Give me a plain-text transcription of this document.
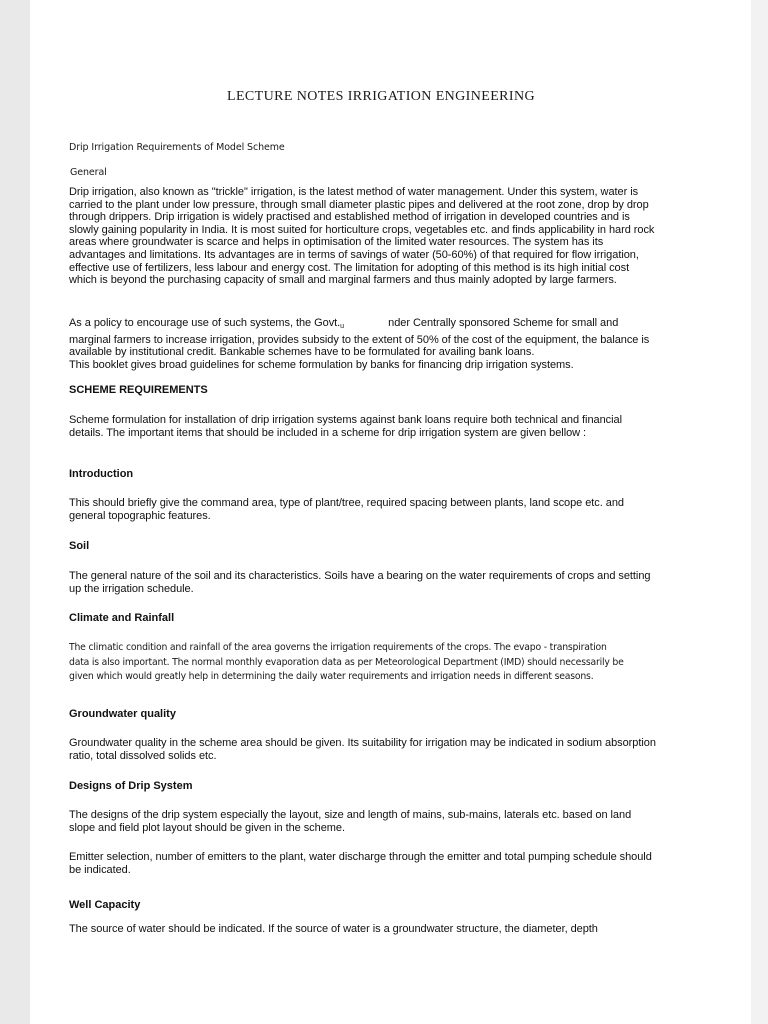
LECTURE NOTES IRRIGATION ENGINEERING
Drip Irrigation Requirements of Model Scheme
General
Drip irrigation, also known as "trickle" irrigation, is the latest method of water management. Under this system, water is carried to the plant under low pressure, through small diameter plastic pipes and delivered at the root zone, drop by drop through drippers. Drip irrigation is widely practised and established method of irrigation in developed countries and is slowly gaining popularity in India. It is most suited for horticulture crops, vegetables etc. and finds applicability in hard rock areas where groundwater is scarce and helps in optimisation of the limited water resources. The system has its advantages and limitations. Its advantages are in terms of savings of water (50-60%) of that required for flow irrigation, effective use of fertilizers, less labour and energy cost. The limitation for adopting of this method is its high initial cost which is beyond the purchasing capacity of small and marginal farmers and thus mainly adopted by large farmers.
As a policy to encourage use of such systems, the Govt.u	nder Centrally sponsored Scheme for small and marginal farmers to increase irrigation, provides subsidy to the extent of 50% of the cost of the equipment, the balance is available by institutional credit. Bankable schemes have to be formulated for availing bank loans.
This booklet gives broad guidelines for scheme formulation by banks for financing drip irrigation systems.
SCHEME REQUIREMENTS
Scheme formulation for installation of drip irrigation systems against bank loans require both technical and financial details. The important items that should be included in a scheme for drip irrigation system are given bellow :
Introduction
This should briefly give the command area, type of plant/tree, required spacing between plants, land scope etc. and general topographic features.
Soil
The general nature of the soil and its characteristics. Soils have a bearing on the water requirements of crops and setting up the irrigation schedule.
Climate and Rainfall
The climatic condition and rainfall of the area governs the irrigation requirements of the crops. The evapo - transpiration data is also important. The normal monthly evaporation data as per Meteorological Department (IMD) should necessarily be given which would greatly help in determining the daily water requirements and irrigation needs in different seasons.
Groundwater quality
Groundwater quality in the scheme area should be given. Its suitability for irrigation may be indicated in sodium absorption ratio, total dissolved solids etc.
Designs of Drip System
The designs of the drip system especially the layout, size and length of mains, sub-mains, laterals etc. based on land slope and field plot layout should be given in the scheme.
Emitter selection, number of emitters to the plant, water discharge through the emitter and total pumping schedule should be indicated.
Well Capacity
The source of water should be indicated. If the source of water is a groundwater structure, the diameter, depth
